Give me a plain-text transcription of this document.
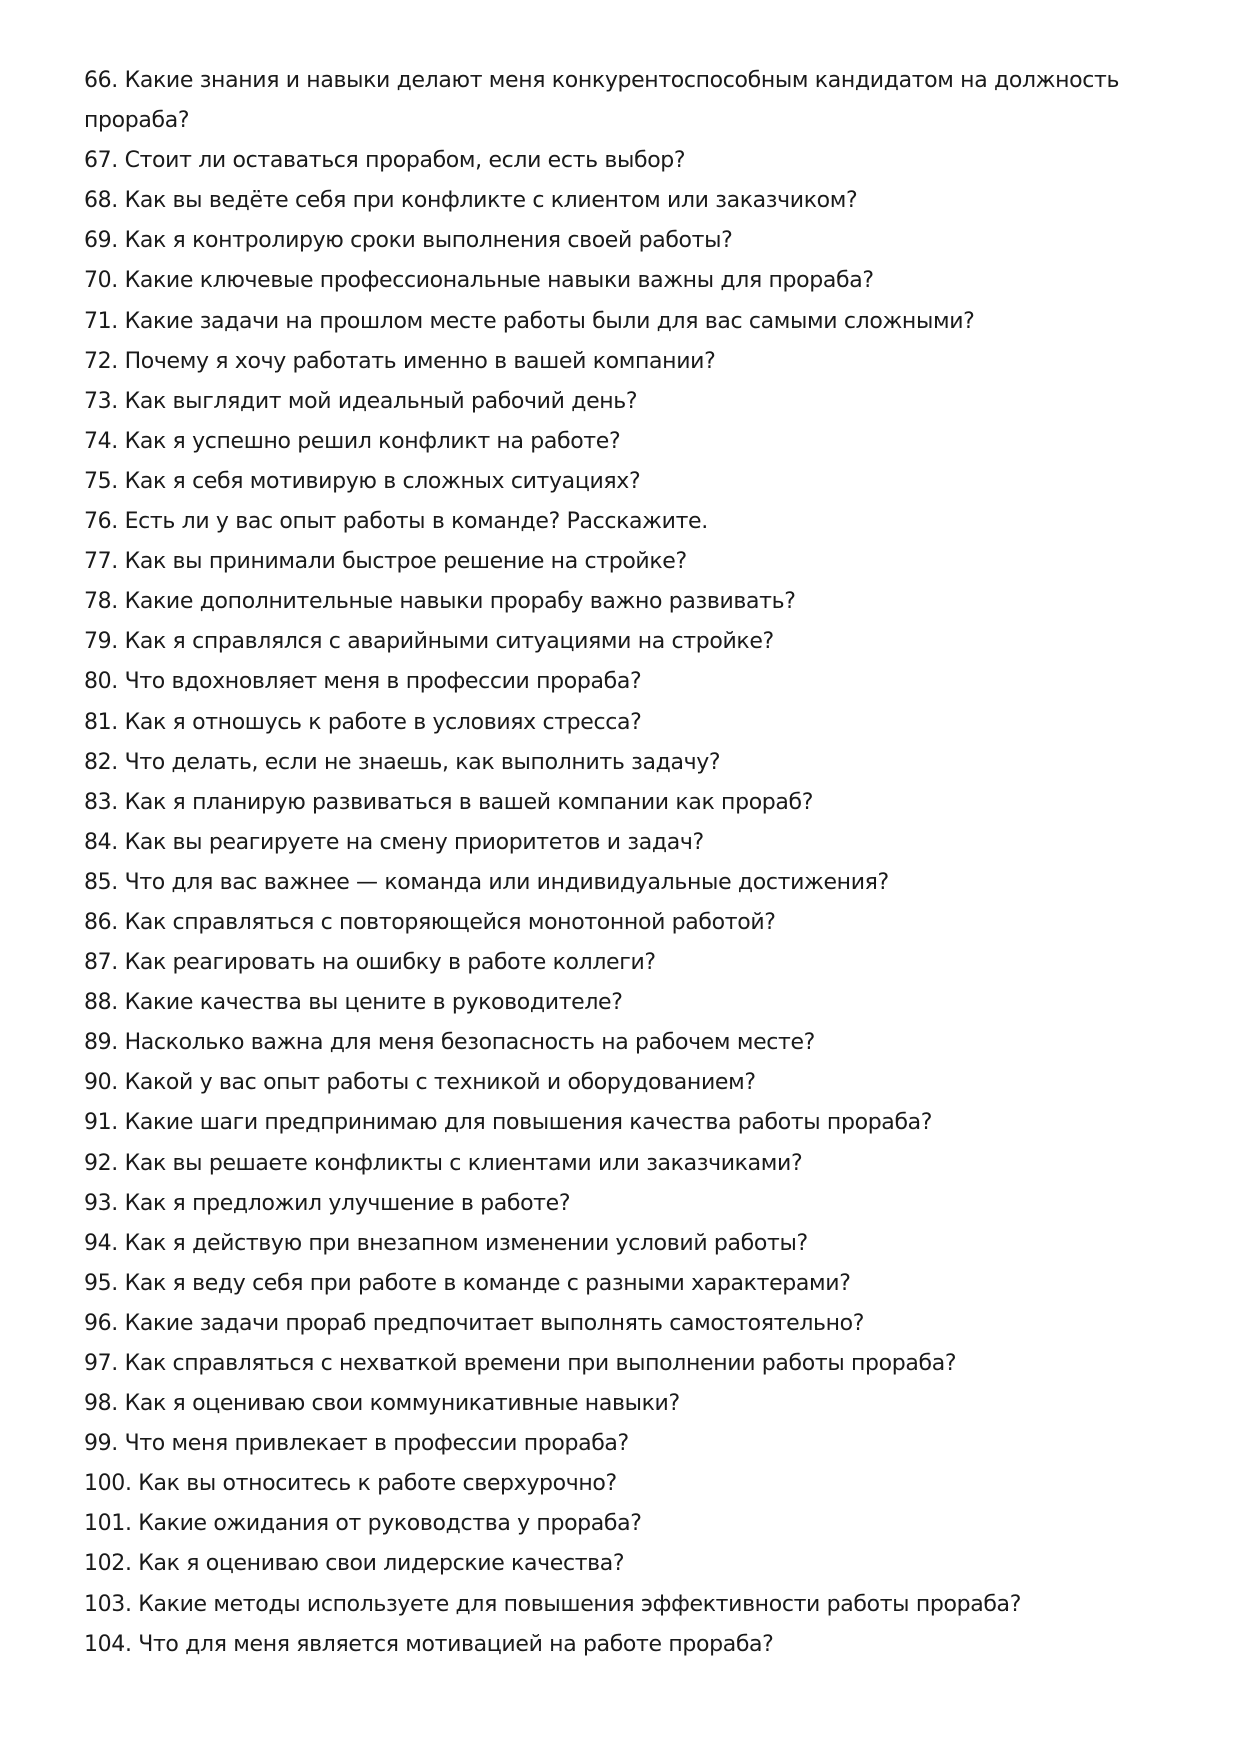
66. Какие знания и навыки делают меня конкурентоспособным кандидатом на должность прораба?
67. Стоит ли оставаться прорабом, если есть выбор?
68. Как вы ведёте себя при конфликте с клиентом или заказчиком?
69. Как я контролирую сроки выполнения своей работы?
70. Какие ключевые профессиональные навыки важны для прораба?
71. Какие задачи на прошлом месте работы были для вас самыми сложными?
72. Почему я хочу работать именно в вашей компании?
73. Как выглядит мой идеальный рабочий день?
74. Как я успешно решил конфликт на работе?
75. Как я себя мотивирую в сложных ситуациях?
76. Есть ли у вас опыт работы в команде? Расскажите.
77. Как вы принимали быстрое решение на стройке?
78. Какие дополнительные навыки прорабу важно развивать?
79. Как я справлялся с аварийными ситуациями на стройке?
80. Что вдохновляет меня в профессии прораба?
81. Как я отношусь к работе в условиях стресса?
82. Что делать, если не знаешь, как выполнить задачу?
83. Как я планирую развиваться в вашей компании как прораб?
84. Как вы реагируете на смену приоритетов и задач?
85. Что для вас важнее — команда или индивидуальные достижения?
86. Как справляться с повторяющейся монотонной работой?
87. Как реагировать на ошибку в работе коллеги?
88. Какие качества вы цените в руководителе?
89. Насколько важна для меня безопасность на рабочем месте?
90. Какой у вас опыт работы с техникой и оборудованием?
91. Какие шаги предпринимаю для повышения качества работы прораба?
92. Как вы решаете конфликты с клиентами или заказчиками?
93. Как я предложил улучшение в работе?
94. Как я действую при внезапном изменении условий работы?
95. Как я веду себя при работе в команде с разными характерами?
96. Какие задачи прораб предпочитает выполнять самостоятельно?
97. Как справляться с нехваткой времени при выполнении работы прораба?
98. Как я оцениваю свои коммуникативные навыки?
99. Что меня привлекает в профессии прораба?
100. Как вы относитесь к работе сверхурочно?
101. Какие ожидания от руководства у прораба?
102. Как я оцениваю свои лидерские качества?
103. Какие методы используете для повышения эффективности работы прораба?
104. Что для меня является мотивацией на работе прораба?
